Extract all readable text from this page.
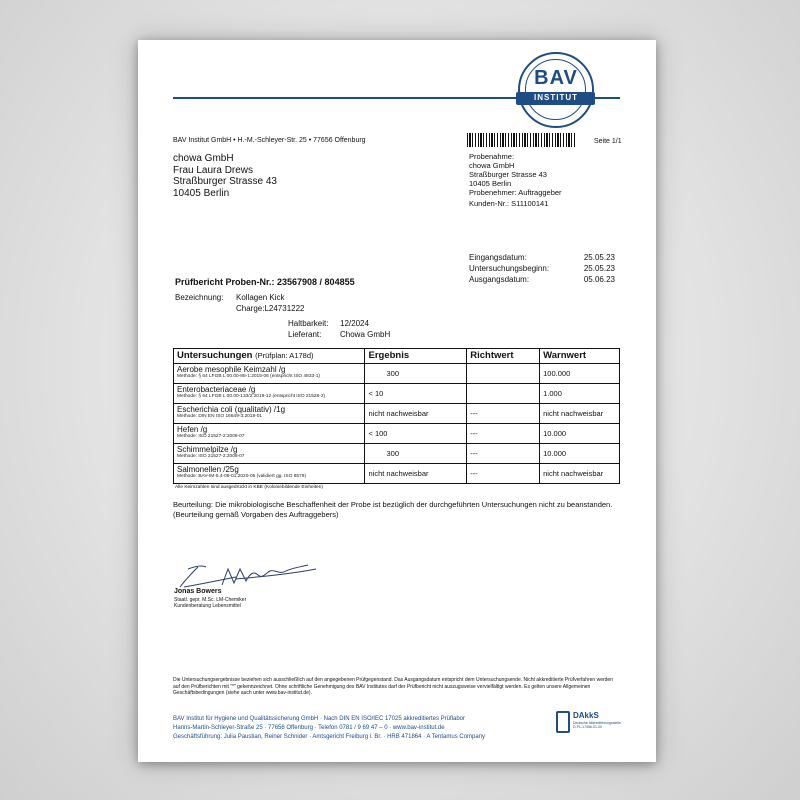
BAV
INSTITUT
BAV Institut GmbH • H.-M.-Schleyer-Str. 25 • 77656 Offenburg	Seite 1/1
chowa GmbH
Frau Laura Drews
Straßburger Strasse 43
10405 Berlin
Probenahme:
chowa GmbH
Straßburger Strasse 43
10405 Berlin
Probenehmer: Auftraggeber
Kunden-Nr.: S11100141
Eingangsdatum:	25.05.23
Untersuchungsbeginn:	25.05.23
Ausgangsdatum:	05.06.23
Prüfbericht Proben-Nr.: 23567908 / 804855
Bezeichnung: Kollagen Kick
Charge:L24731222
Haltbarkeit: 12/2024
Lieferant: Chowa GmbH
Untersuchungen (Prüfplan: A178d)	Ergebnis	Richtwert	Warnwert

Aerobe mesophile Keimzahl /g
Methode: § 64 LFGB L 00.00-88-1:2015-06 (entspricht ISO 4833-1)	300		100.000

Enterobacteriaceae /g
Methode: § 64 LFGB L 00.00-133/2:2019-12 (entspricht ISO 21528-2)	< 10		1.000

Escherichia coli (qualitativ) /1g
Methode: DIN EN ISO 16649-3:2018-01	nicht nachweisbar	---	nicht nachweisbar

Hefen /g
Methode: ISO 21527-2:2008-07	< 100	---	10.000

Schimmelpilze /g
Methode: ISO 21527-2:2008-07	300	---	10.000

Salmonellen /25g
Methode: BAV-IM-5.4-09-01:2020-05 (validiert gg. ISO 6579)	nicht nachweisbar	---	nicht nachweisbar
Alle Keimzahlen sind ausgedrückt in KBE (Koloniebildende Einheiten)
Beurteilung: Die mikrobiologische Beschaffenheit der Probe ist bezüglich der durchgeführten Untersuchungen nicht zu beanstanden. (Beurteilung gemäß Vorgaben des Auftraggebers)
Jonas Bowers
Staatl. gepr. M.Sc. LM-Chemiker
Kundenberatung Lebensmittel
Die Untersuchungsergebnisse beziehen sich ausschließlich auf den angegebenen Prüfgegenstand. Das Ausgangsdatum entspricht dem Untersuchungsende. Nicht akkreditierte Prüfverfahren werden auf den Prüfberichten mit "*" gekennzeichnet. Ohne schriftliche Genehmigung des BAV Institutes darf der Prüfbericht nicht auszugsweise vervielfältigt werden. Es gelten unsere Allgemeinen Geschäftsbedingungen (siehe auch unter www.bav-institut.de).
BAV Institut für Hygiene und Qualitätssicherung GmbH · Nach DIN EN ISO/IEC 17025 akkreditiertes Prüflabor
Hanns-Martin-Schleyer-Straße 25 · 77656 Offenburg · Telefon 0781 / 9 69 47 – 0 · www.bav-institut.de
Geschäftsführung: Julia Paustian, Reiner Schnider · Amtsgericht Freiburg i. Br. · HRB 471864 · A Tentamus Company
DAkkS
Deutsche Akkreditierungsstelle D-PL-17456-01-00
